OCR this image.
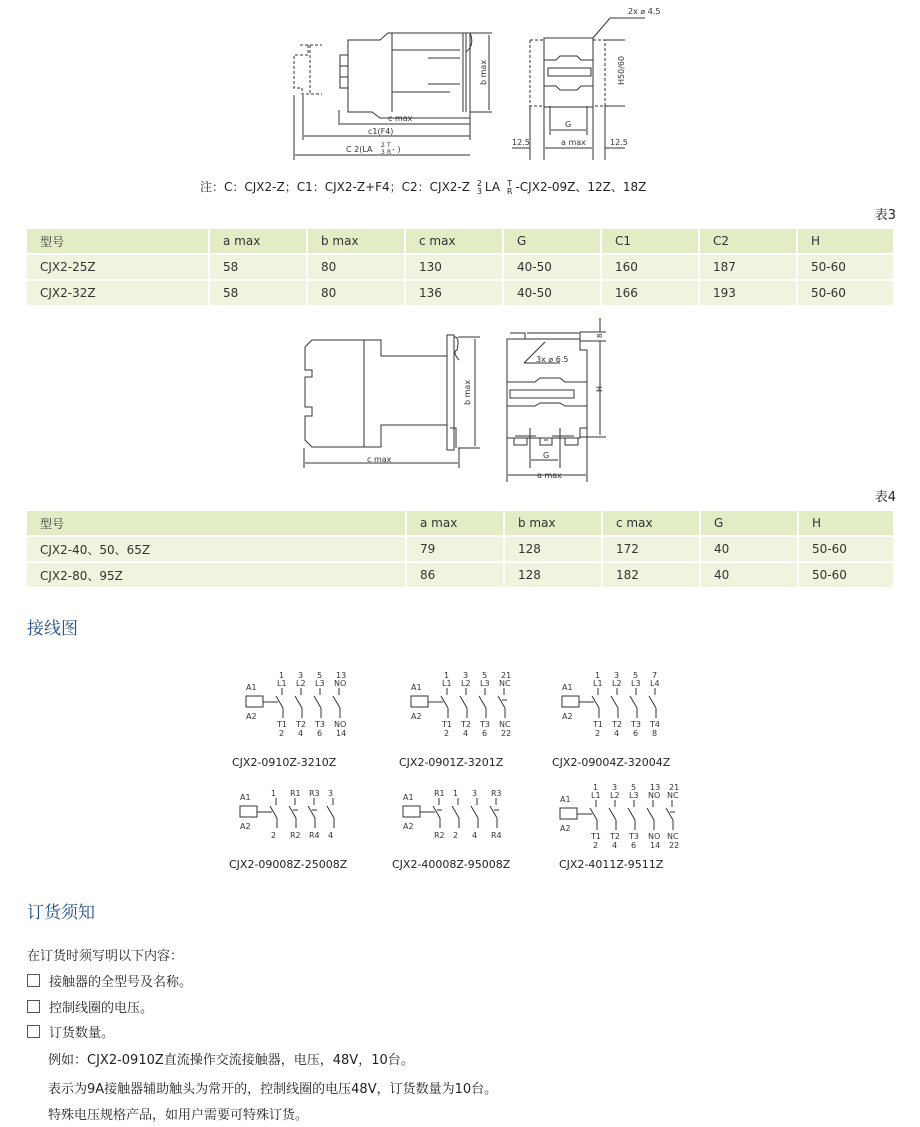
2x ⌀ 4.5
H50/60
b max
c max
c1(F4)
C 2(LA 2
3
T
R - )
G
a max
12.5	12.5
注：C：CJX2-Z；C1：CJX2-Z+F4；C2：CJX2-Z 2
3 LA T
R -CJX2-09Z、12Z、18Z
表3
型号	a max	b max	c max	G	C1	C2	H
CJX2-25Z	58	80	130	40-50	160	187	50-60
CJX2-32Z	58	80	136	40-50	166	193	50-60
b max
c max
3x ⌀ 6.5
8
H
G
a max
表4
型号	a max	b max	c max	G	H
CJX2-40、50、65Z	79	128	172	40	50-60
CJX2-80、95Z	86	128	182	40	50-60
接线图
A1
A2
1
L1
T1
2
3
L2
T2
4
5
L3
T3
6
13
NO
NO
14
CJX2-0910Z-3210Z
A1
A2
1
L1
T1
2
3
L2
T2
4
5
L3
T3
6
21
NC
NC
22
CJX2-0901Z-3201Z
A1
A2
1
L1
T1
2
3
L2
T2
4
5
L3
T3
6
7
L4
T4
8
CJX2-09004Z-32004Z
A1
A2
1
2
R1
R2
R3
R4
3
4
CJX2-09008Z-25008Z
A1
A2
R1
R2
1
2
3
4
R3
R4
CJX2-40008Z-95008Z
A1
A2
1
L1
T1
2
3
L2
T2
4
5
L3
T3
6
13
NO
NO
14
21
NC
NC
22
CJX2-4011Z-9511Z
订货须知
在订货时须写明以下内容：
接触器的全型号及名称。
控制线圈的电压。
订货数量。
例如：CJX2-0910Z直流操作交流接触器，电压，48V，10台。
表示为9A接触器辅助触头为常开的，控制线圈的电压48V，订货数量为10台。
特殊电压规格产品，如用户需要可特殊订货。
